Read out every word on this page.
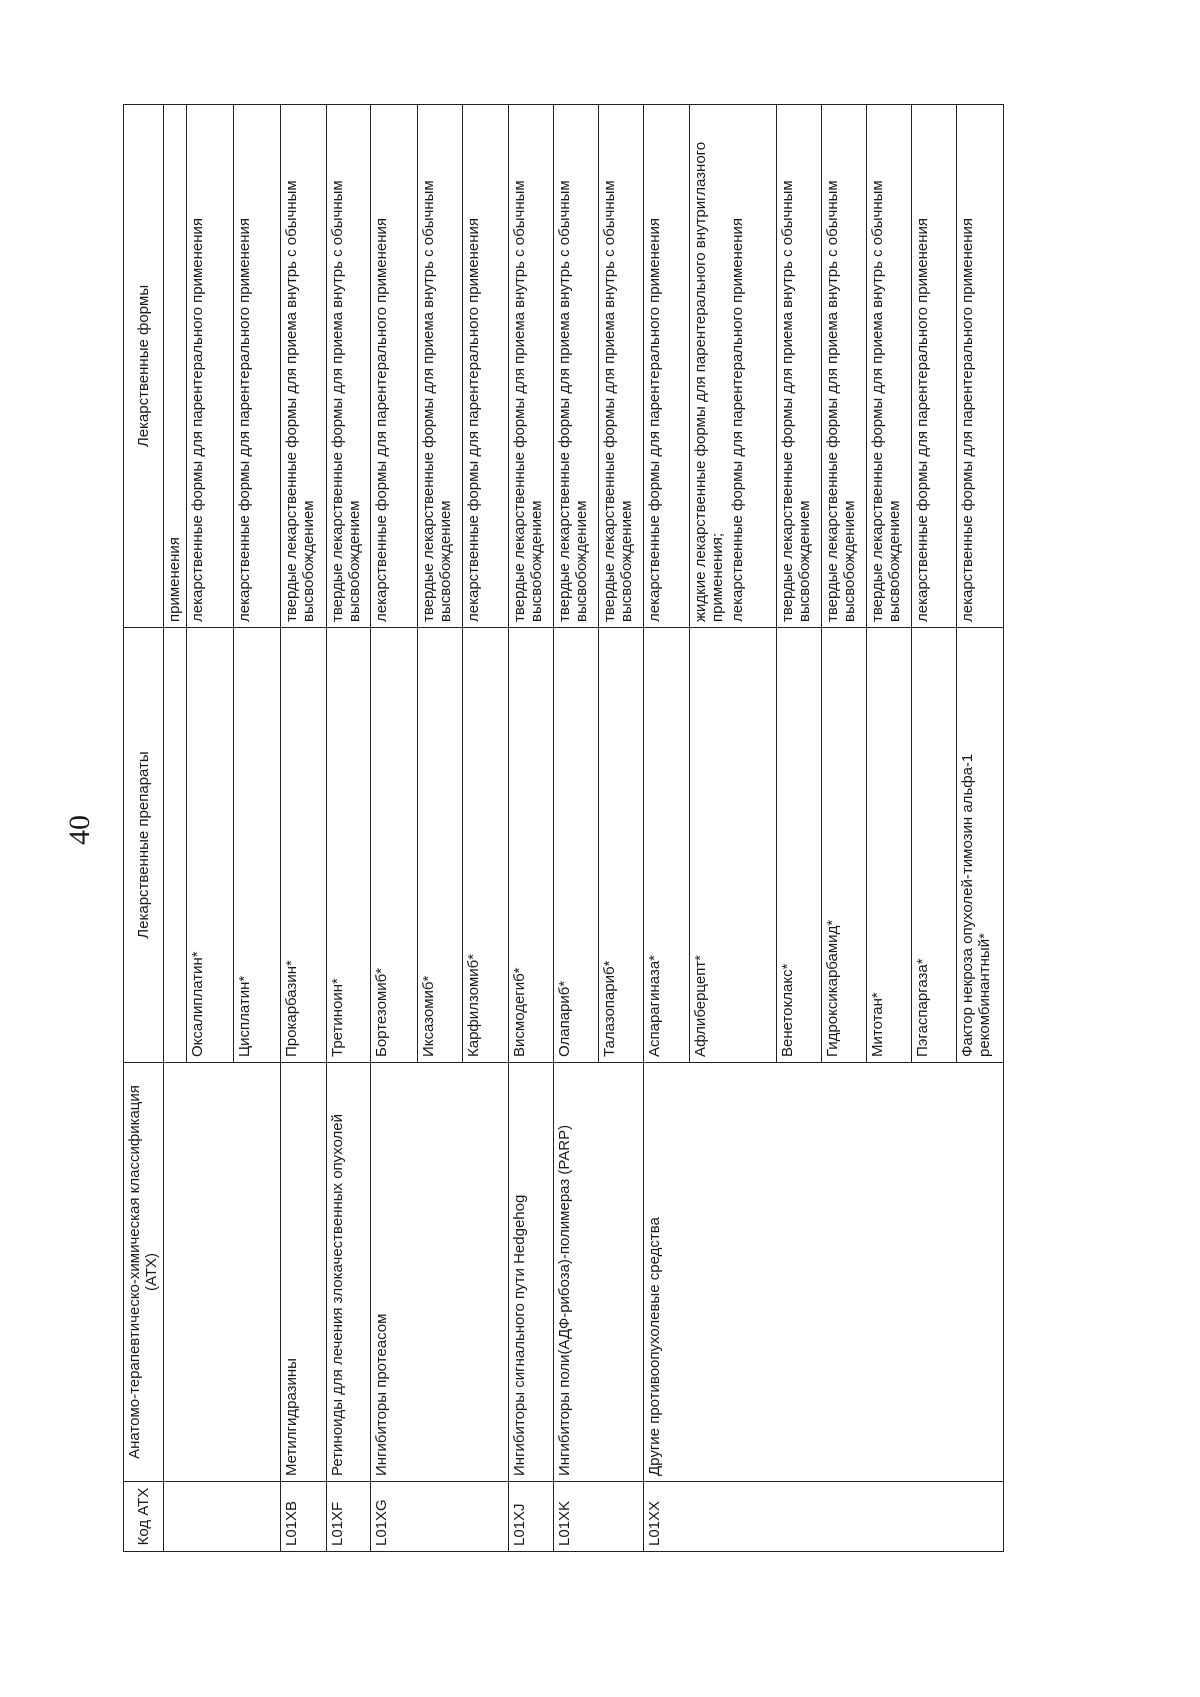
40
Код АТХ	Анатомо-терапевтическо-химическая классификация (АТХ)	Лекарственные препараты	Лекарственные формы

			применения

		Оксалиплатин*	лекарственные формы для парентерального применения

		Цисплатин*	лекарственные формы для парентерального применения

L01XB	Метилгидразины	Прокарбазин*	твердые лекарственные формы для приема внутрь с обычным высвобождением

L01XF	Ретиноиды для лечения злокачественных опухолей	Третиноин*	твердые лекарственные формы для приема внутрь с обычным высвобождением

L01XG	Ингибиторы протеасом	Бортезомиб*	лекарственные формы для парентерального применения

		Иксазомиб*	твердые лекарственные формы для приема внутрь с обычным высвобождением

		Карфилзомиб*	лекарственные формы для парентерального применения

L01XJ	Ингибиторы сигнального пути Hedgehog	Висмодегиб*	твердые лекарственные формы для приема внутрь с обычным высвобождением

L01XK	Ингибиторы поли(АДФ-рибоза)-полимераз (PARP)	Олапариб*	твердые лекарственные формы для приема внутрь с обычным высвобождением

		Талазопариб*	твердые лекарственные формы для приема внутрь с обычным высвобождением

L01XX	Другие противоопухолевые средства	Аспарагиназа*	лекарственные формы для парентерального применения

		Афлиберцепт*	жидкие лекарственные формы для парентерального внутриглазного применения; лекарственные формы для парентерального применения

		Венетоклакс*	твердые лекарственные формы для приема внутрь с обычным высвобождением

		Гидроксикарбамид*	твердые лекарственные формы для приема внутрь с обычным высвобождением

		Митотан*	твердые лекарственные формы для приема внутрь с обычным высвобождением

		Пэгаспаргаза*	лекарственные формы для парентерального применения

		Фактор некроза опухолей-тимозин альфа-1 рекомбинантный*	лекарственные формы для парентерального применения
